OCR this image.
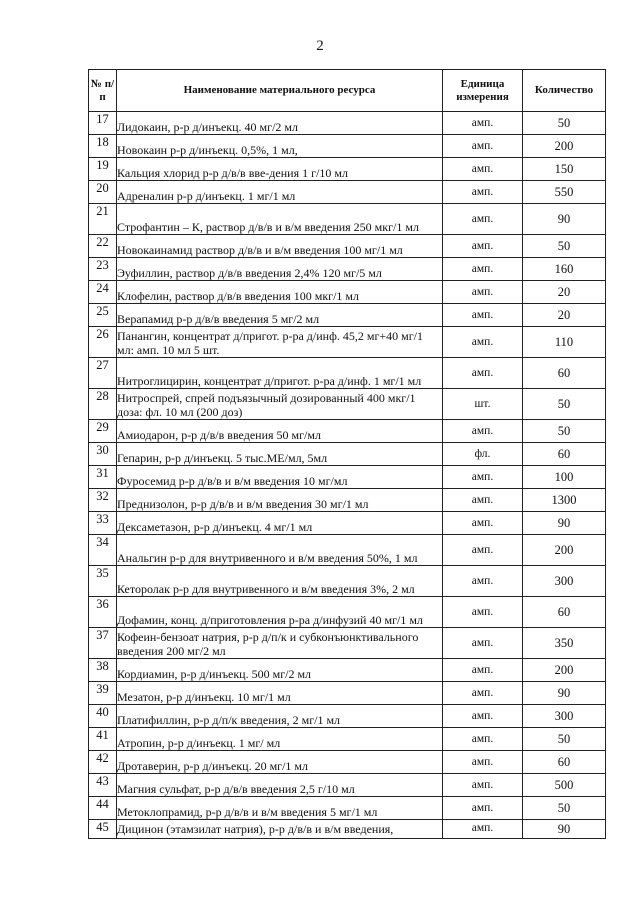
2
№ п/п	Наименование материального ресурса	Единица измерения	Количество
17	Лидокаин, р-р д/инъекц. 40 мг/2 мл	амп.	50
18	Новокаин р-р д/инъекц. 0,5%, 1 мл,	амп.	200
19	Кальция хлорид р-р д/в/в вве-дения 1 г/10 мл	амп.	150
20	Адреналин р-р д/инъекц. 1 мг/1 мл	амп.	550
21	Строфантин – К, раствор д/в/в и в/м введения 250 мкг/1 мл	амп.	90
22	Новокаинамид раствор д/в/в и в/м введения 100 мг/1 мл	амп.	50
23	Эуфиллин, раствор д/в/в введения 2,4% 120 мг/5 мл	амп.	160
24	Клофелин, раствор д/в/в введения 100 мкг/1 мл	амп.	20
25	Верапамид р-р д/в/в введения 5 мг/2 мл	амп.	20
26	Панангин, концентрат д/пригот. р-ра д/инф. 45,2 мг+40 мг/1 мл: амп. 10 мл 5 шт.	амп.	110
27	Нитроглицирин, концентрат д/пригот. р-ра д/инф. 1 мг/1 мл	амп.	60
28	Нитроспрей, спрей подъязычный дозированный 400 мкг/1 доза: фл. 10 мл (200 доз)	шт.	50
29	Амиодарон, р-р д/в/в введения 50 мг/мл	амп.	50
30	Гепарин, р-р д/инъекц. 5 тыс.МЕ/мл, 5мл	фл.	60
31	Фуросемид р-р д/в/в и в/м введения 10 мг/мл	амп.	100
32	Преднизолон, р-р д/в/в и в/м введения 30 мг/1 мл	амп.	1300
33	Дексаметазон, р-р д/инъекц. 4 мг/1 мл	амп.	90
34	Анальгин р-р для внутривенного и в/м введения 50%, 1 мл	амп.	200
35	Кеторолак р-р для внутривенного и в/м введения 3%, 2 мл	амп.	300
36	Дофамин, конц. д/приготовления р-ра д/инфузий 40 мг/1 мл	амп.	60
37	Кофеин-бензоат натрия, р-р д/п/к и субконъюнктивального введения 200 мг/2 мл	амп.	350
38	Кордиамин, р-р д/инъекц. 500 мг/2 мл	амп.	200
39	Мезатон, р-р д/инъекц. 10 мг/1 мл	амп.	90
40	Платифиллин, р-р д/п/к введения, 2 мг/1 мл	амп.	300
41	Атропин, р-р д/инъекц. 1 мг/ мл	амп.	50
42	Дротаверин, р-р д/инъекц. 20 мг/1 мл	амп.	60
43	Магния сульфат, р-р д/в/в введения 2,5 г/10 мл	амп.	500
44	Метоклопрамид, р-р д/в/в и в/м введения 5 мг/1 мл	амп.	50
45	Дицинон (этамзилат натрия), р-р д/в/в и в/м введения,	амп.	90
